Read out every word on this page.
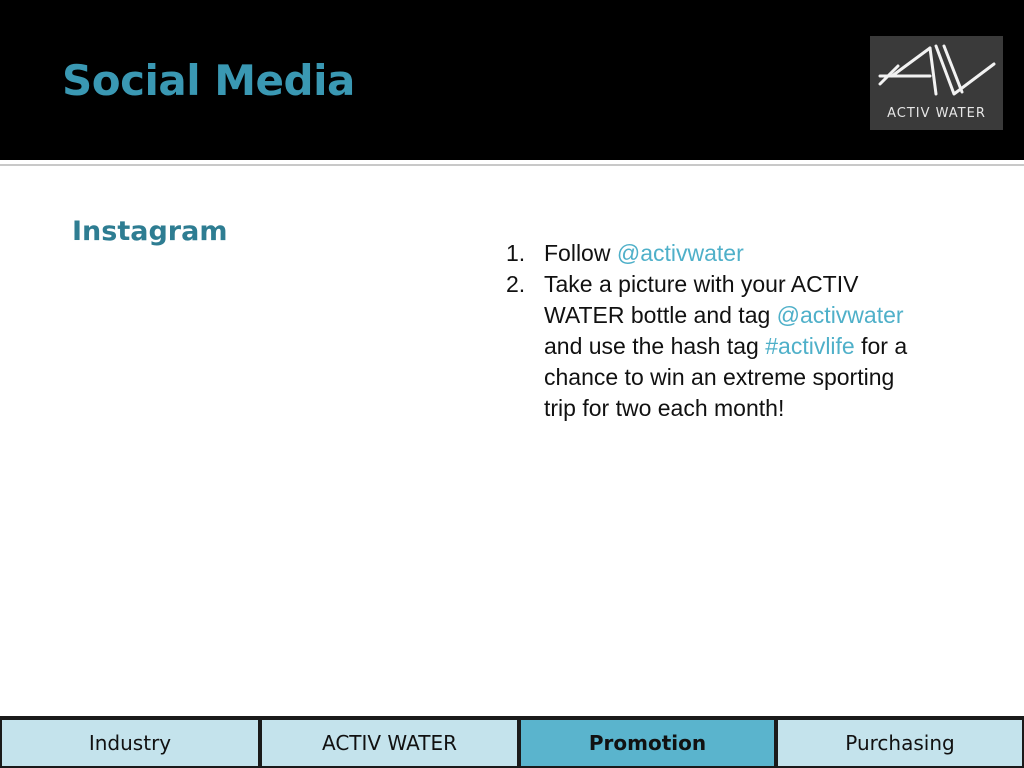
Social Media
ACTIV WATER
Instagram
1. Follow @activwater
2. Take a picture with your ACTIV WATER bottle and tag @activwater and use the hash tag #activlife for a chance to win an extreme sporting trip for two each month!
Industry	ACTIV WATER	Promotion	Purchasing
